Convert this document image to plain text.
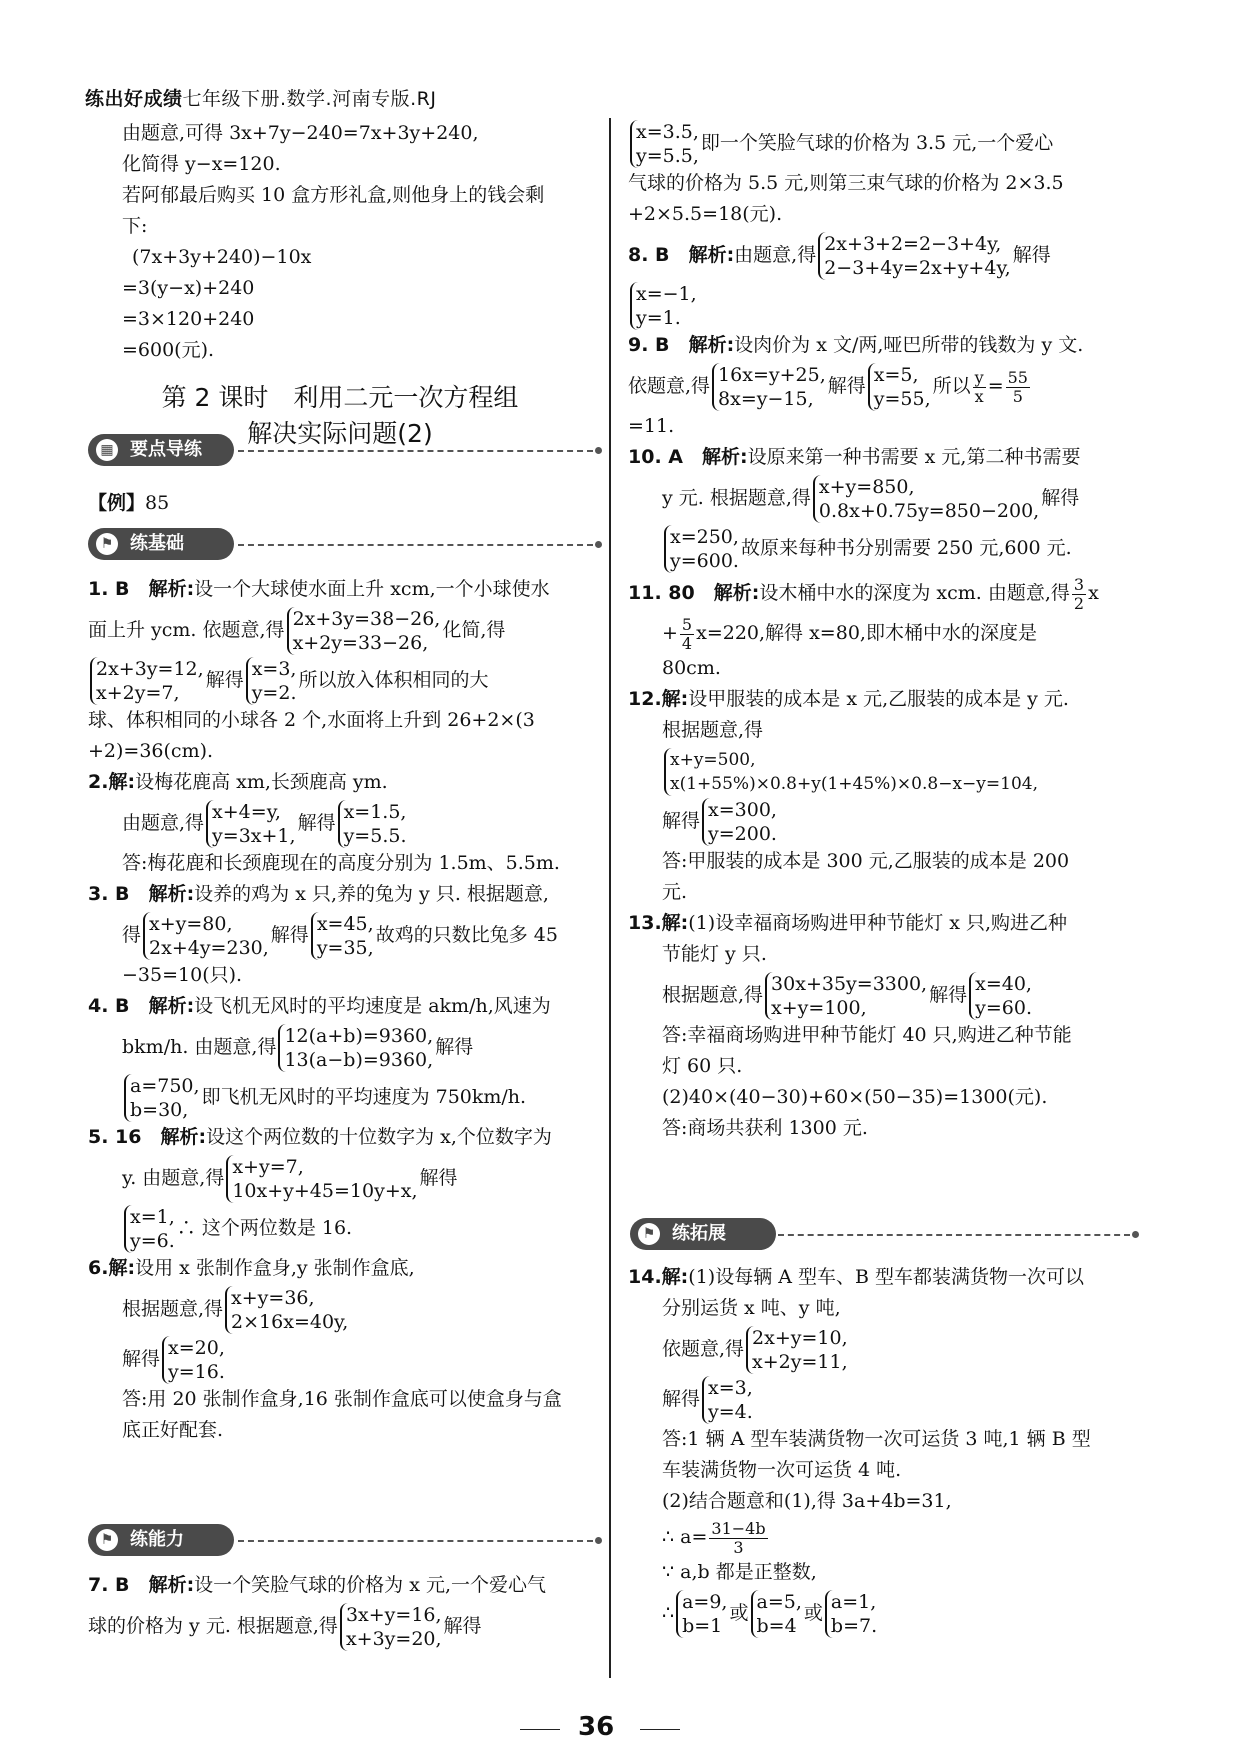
练出好成绩七年级下册.数学.河南专版.RJ
由题意,可得 3x+7y−240=7x+3y+240,
化简得 y−x=120.
若阿郁最后购买 10 盒方形礼盒,则他身上的钱会剩
下:
(7x+3y+240)−10x
=3(y−x)+240
=3×120+240
=600(元).
第 2 课时　利用二元一次方程组
解决实际问题(2)
▦ 要点导练
【例】85
⚑ 练基础
1. B　 解析:设一个大球使水面上升 xcm,一个小球使水
面上升 ycm. 依题意,得 2x+3y=38−26,
x+2y=33−26,
化简,得
2x+3y=12,
x+2y=7,
解得 x=3,
y=2.
所以放入体积相同的大
球、体积相同的小球各 2 个,水面将上升到 26+2×(3
+2)=36(cm).
2.解:设梅花鹿高 xm,长颈鹿高 ym.
由题意,得 x+4=y,
y=3x+1,
解得 x=1.5,
y=5.5.
答:梅花鹿和长颈鹿现在的高度分别为 1.5m、5.5m.
3. B　 解析:设养的鸡为 x 只,养的兔为 y 只. 根据题意,
得 x+y=80,
2x+4y=230,
解得 x=45,
y=35,
故鸡的只数比兔多 45
−35=10(只).
4. B　 解析:设飞机无风时的平均速度是 akm/h,风速为
bkm/h. 由题意,得 12(a+b)=9360,
13(a−b)=9360,
解得
a=750,
b=30,
即飞机无风时的平均速度为 750km/h.
5. 16　 解析:设这个两位数的十位数字为 x,个位数字为
y. 由题意,得 x+y=7,
10x+y+45=10y+x,
解得
x=1,
y=6.
∴ 这个两位数是 16.
6.解:设用 x 张制作盒身,y 张制作盒底,
根据题意,得 x+y=36,
2×16x=40y,
解得 x=20,
y=16.
答:用 20 张制作盒身,16 张制作盒底可以使盒身与盒
底正好配套.
⚑ 练能力
7. B　 解析:设一个笑脸气球的价格为 x 元,一个爱心气
球的价格为 y 元. 根据题意,得 3x+y=16,
x+3y=20,
解得
x=3.5,
y=5.5,
即一个笑脸气球的价格为 3.5 元,一个爱心
气球的价格为 5.5 元,则第三束气球的价格为 2×3.5
+2×5.5=18(元).
8. B　 解析:由题意,得 2x+3+2=2−3+4y,
2−3+4y=2x+y+4y,
解得
x=−1,
y=1.
9. B　 解析:设肉价为 x 文/两,哑巴所带的钱数为 y 文.
依题意,得 16x=y+25,
8x=y−15,
解得 x=5,
y=55,
所以 $\frac{y}{x} = \frac{55}{5}$
=11.
10. A　 解析:设原来第一种书需要 x 元,第二种书需要
y 元. 根据题意,得 x+y=850,
0.8x+0.75y=850−200,
解得
x=250,
y=600.
故原来每种书分别需要 250 元,600 元.
11. 80　 解析:设木桶中水的深度为 xcm. 由题意,得 $\frac{3}{2}$ x
+ $\frac{5}{4} x=220$,解得 x=80,即木桶中水的深度是
80cm.
12.解:设甲服装的成本是 x 元,乙服装的成本是 y 元.
根据题意,得
x+y=500,
x(1+55%)×0.8+y(1+45%)×0.8−x−y=104,
解得 x=300,
y=200.
答:甲服装的成本是 300 元,乙服装的成本是 200
元.
13.解:(1)设幸福商场购进甲种节能灯 x 只,购进乙种
节能灯 y 只.
根据题意,得 30x+35y=3300,
x+y=100,
解得 x=40,
y=60.
答:幸福商场购进甲种节能灯 40 只,购进乙种节能
灯 60 只.
(2)40×(40−30)+60×(50−35)=1300(元).
答:商场共获利 1300 元.
⚑ 练拓展
14.解:(1)设每辆 A 型车、B 型车都装满货物一次可以
分别运货 x 吨、y 吨,
依题意,得 2x+y=10,
x+2y=11,
解得 x=3,
y=4.
答:1 辆 A 型车装满货物一次可运货 3 吨,1 辆 B 型
车装满货物一次可运货 4 吨.
(2)结合题意和(1),得 3a+4b=31,
∴ $a= \frac{31-4b}{3}$
∵ a,b 都是正整数,
∴ a=9,
b=1
或 a=5,
b=4
或 a=1,
b=7.
36
